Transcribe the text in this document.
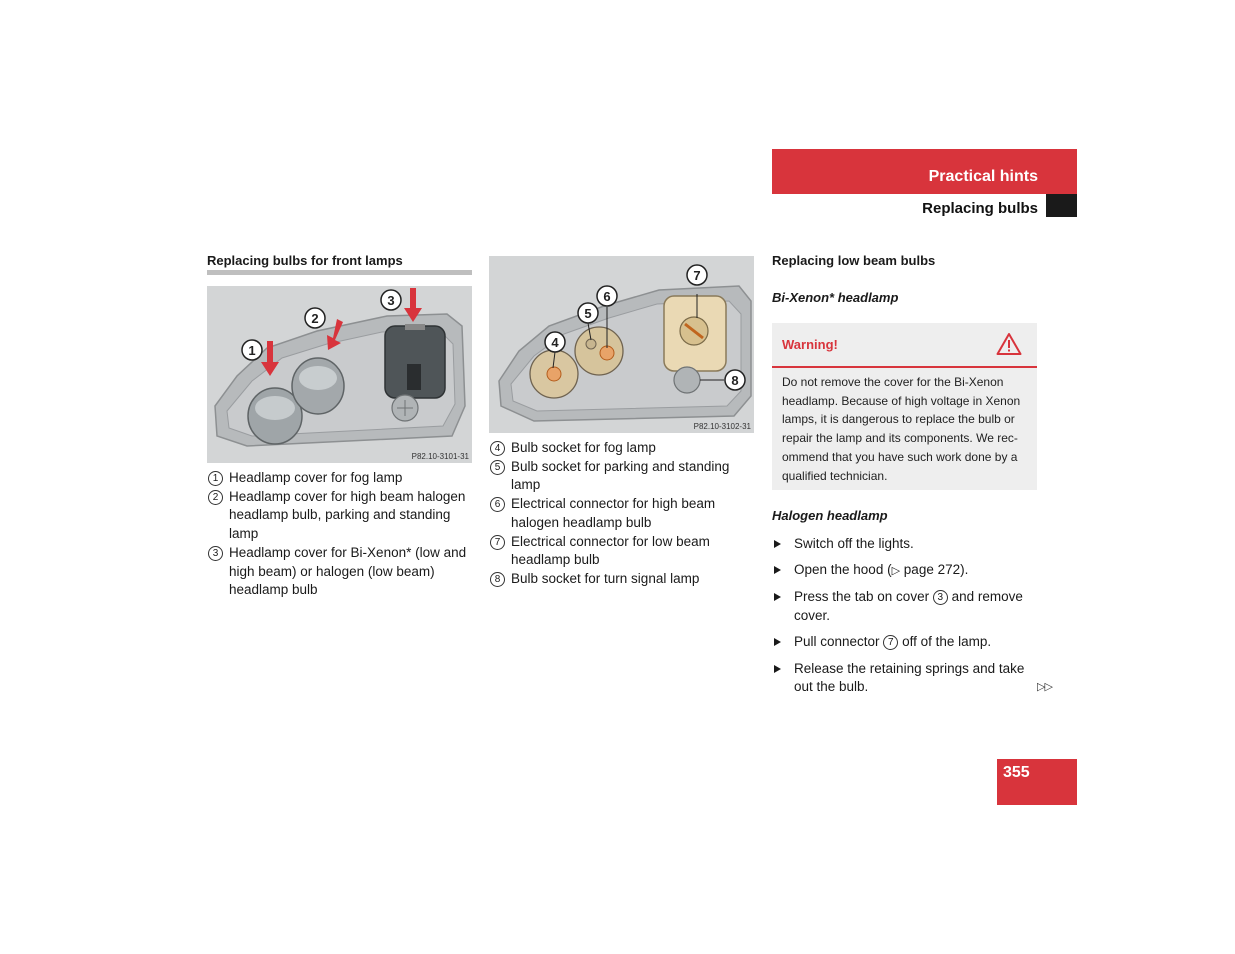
Practical hints
Replacing bulbs
Replacing bulbs for front lamps
1
2
3
P82.10-3101-31
1 Headlamp cover for fog lamp
2 Headlamp cover for high beam halogen headlamp bulb, parking and standing lamp
3 Headlamp cover for Bi-Xenon* (low and high beam) or halogen (low beam) headlamp bulb
4
5
6
7
8
P82.10-3102-31
4 Bulb socket for fog lamp
5 Bulb socket for parking and standing lamp
6 Electrical connector for high beam halogen headlamp bulb
7 Electrical connector for low beam headlamp bulb
8 Bulb socket for turn signal lamp
Replacing low beam bulbs
Bi-Xenon* headlamp
Warning!
Do not remove the cover for the Bi-Xenon headlamp. Because of high voltage in Xenon lamps, it is dangerous to replace the bulb or repair the lamp and its components. We rec-ommend that you have such work done by a qualified technician.
Halogen headlamp
Switch off the lights.
Open the hood (▷ page 272).
Press the tab on cover 3 and remove cover.
Pull connector 7 off of the lamp.
Release the retaining springs and take out the bulb.	▷▷
355
